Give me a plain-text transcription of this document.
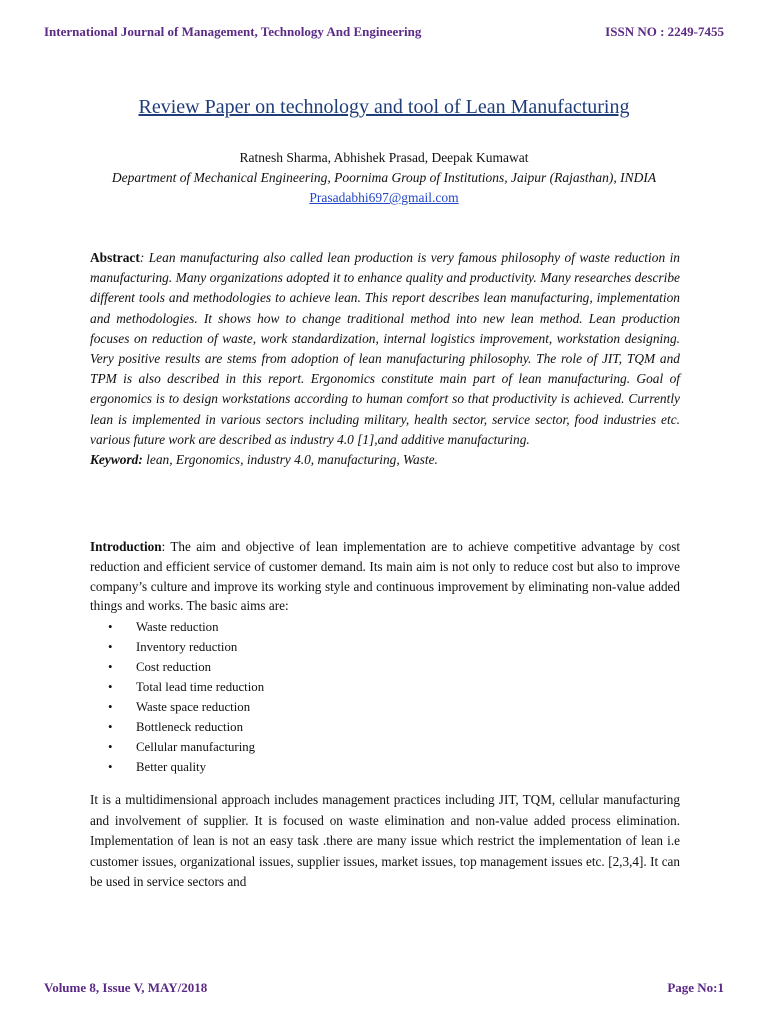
International Journal of Management, Technology And Engineering	ISSN NO : 2249-7455
Review Paper on technology and tool of Lean Manufacturing
Ratnesh Sharma, Abhishek Prasad, Deepak Kumawat
Department of Mechanical Engineering, Poornima Group of Institutions, Jaipur (Rajasthan), INDIA
Prasadabhi697@gmail.com
Abstract: Lean manufacturing also called lean production is very famous philosophy of waste reduction in manufacturing. Many organizations adopted it to enhance quality and productivity. Many researches describe different tools and methodologies to achieve lean. This report describes lean manufacturing, implementation and methodologies. It shows how to change traditional method into new lean method. Lean production focuses on reduction of waste, work standardization, internal logistics improvement, workstation designing. Very positive results are stems from adoption of lean manufacturing philosophy. The role of JIT, TQM and TPM is also described in this report. Ergonomics constitute main part of lean manufacturing. Goal of ergonomics is to design workstations according to human comfort so that productivity is achieved. Currently lean is implemented in various sectors including military, health sector, service sector, food industries etc. various future work are described as industry 4.0 [1],and additive manufacturing.
Keyword: lean, Ergonomics, industry 4.0, manufacturing, Waste.
Introduction: The aim and objective of lean implementation are to achieve competitive advantage by cost reduction and efficient service of customer demand. Its main aim is not only to reduce cost but also to improve company’s culture and improve its working style and continuous improvement by eliminating non-value added things and works. The basic aims are:
• Waste reduction
• Inventory reduction
• Cost reduction
• Total lead time reduction
• Waste space reduction
• Bottleneck reduction
• Cellular manufacturing
• Better quality
It is a multidimensional approach includes management practices including JIT, TQM, cellular manufacturing and involvement of supplier. It is focused on waste elimination and non-value added process elimination. Implementation of lean is not an easy task .there are many issue which restrict the implementation of lean i.e customer issues, organizational issues, supplier issues, market issues, top management issues etc. [2,3,4]. It can be used in service sectors and
Volume 8, Issue V, MAY/2018	Page No:1
